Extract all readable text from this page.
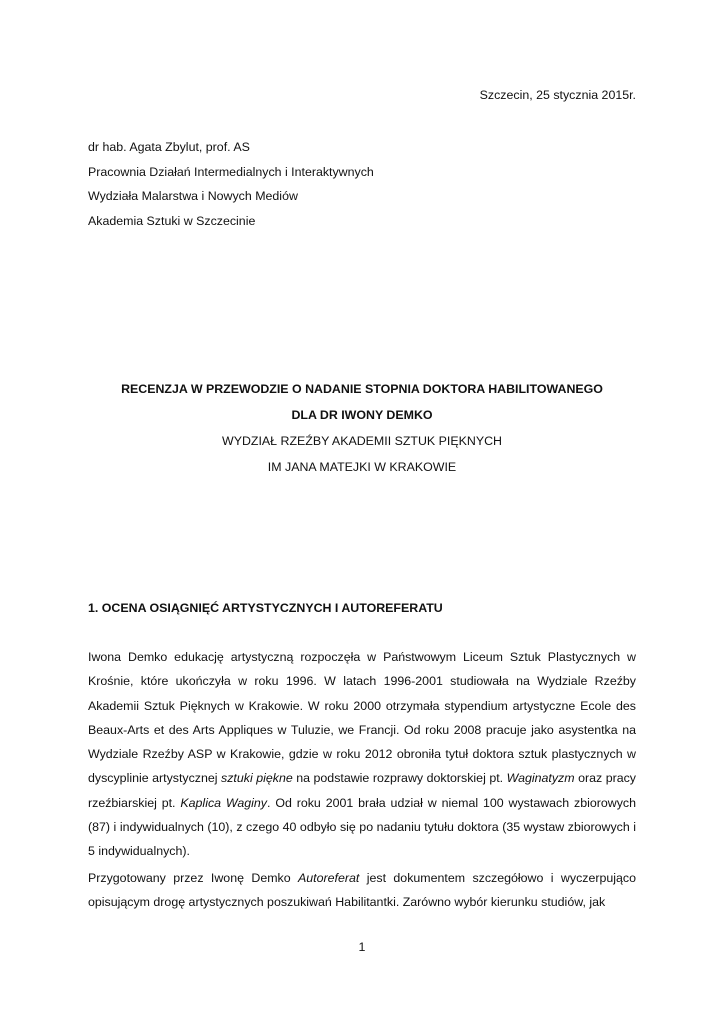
Szczecin, 25 stycznia 2015r.
dr hab. Agata Zbylut, prof. AS
Pracownia Działań Intermedialnych i Interaktywnych
Wydziała Malarstwa i Nowych Mediów
Akademia Sztuki w Szczecinie
RECENZJA W PRZEWODZIE O NADANIE STOPNIA DOKTORA HABILITOWANEGO
DLA DR IWONY DEMKO
WYDZIAŁ RZEŹBY AKADEMII SZTUK PIĘKNYCH
IM JANA MATEJKI W KRAKOWIE
1. OCENA OSIĄGNIĘĆ ARTYSTYCZNYCH I AUTOREFERATU
Iwona Demko edukację artystyczną rozpoczęła w Państwowym Liceum Sztuk Plastycznych w Krośnie, które ukończyła w roku 1996. W latach 1996-2001 studiowała na Wydziale Rzeźby Akademii Sztuk Pięknych w Krakowie. W roku 2000 otrzymała stypendium artystyczne Ecole des Beaux-Arts et des Arts Appliques w Tuluzie, we Francji. Od roku 2008 pracuje jako asystentka na Wydziale Rzeźby ASP w Krakowie, gdzie w roku 2012 obroniła tytuł doktora sztuk plastycznych w dyscyplinie artystycznej sztuki piękne na podstawie rozprawy doktorskiej pt. Waginatyzm oraz pracy rzeźbiarskiej pt. Kaplica Waginy. Od roku 2001 brała udział w niemal 100 wystawach zbiorowych (87) i indywidualnych (10), z czego 40 odbyło się po nadaniu tytułu doktora (35 wystaw zbiorowych i 5 indywidualnych).
Przygotowany przez Iwonę Demko Autoreferat jest dokumentem szczegółowo i wyczerpująco opisującym drogę artystycznych poszukiwań Habilitantki. Zarówno wybór kierunku studiów, jak
1
